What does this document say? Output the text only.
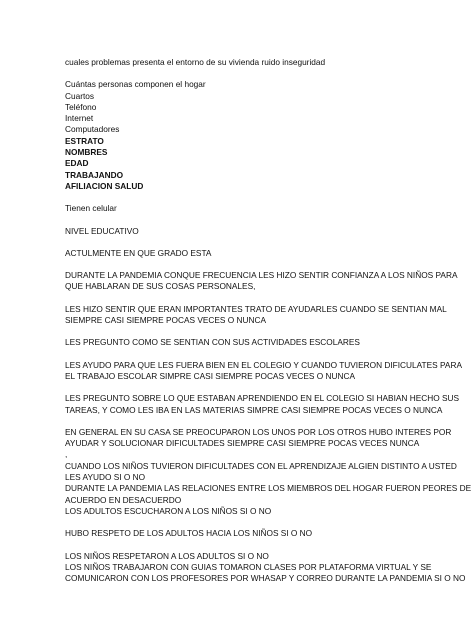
cuales problemas presenta el entorno de su vivienda ruido inseguridad
Cuántas personas componen el hogar
Cuartos
Teléfono
Internet
Computadores
ESTRATO
NOMBRES
EDAD
TRABAJANDO
AFILIACION SALUD
Tienen celular
NIVEL EDUCATIVO
ACTULMENTE EN QUE GRADO ESTA
DURANTE LA PANDEMIA CONQUE FRECUENCIA LES HIZO SENTIR CONFIANZA A LOS NIÑOS PARA
QUE HABLARAN DE SUS COSAS PERSONALES,
LES HIZO SENTIR QUE ERAN IMPORTANTES TRATO DE AYUDARLES CUANDO SE SENTIAN MAL
SIEMPRE CASI SIEMPRE POCAS VECES O NUNCA
LES PREGUNTO COMO SE SENTIAN CON SUS ACTIVIDADES ESCOLARES
LES AYUDO PARA QUE LES FUERA BIEN EN EL COLEGIO Y CUANDO TUVIERON DIFICULATES PARA
EL TRABAJO ESCOLAR SIMPRE CASI SIEMPRE POCAS VECES O NUNCA
LES PREGUNTO SOBRE LO QUE ESTABAN APRENDIENDO EN EL COLEGIO SI HABIAN HECHO SUS
TAREAS, Y COMO LES IBA EN LAS MATERIAS SIMPRE CASI SIEMPRE POCAS VECES O NUNCA
EN GENERAL EN SU CASA SE PREOCUPARON LOS UNOS POR LOS OTROS HUBO INTERES POR
AYUDAR Y SOLUCIONAR DIFICULTADES SIEMPRE CASI SIEMPRE POCAS VECES NUNCA
,
CUANDO LOS NIÑOS TUVIERON DIFICULTADES CON EL APRENDIZAJE ALGIEN DISTINTO A USTED
LES AYUDO SI O NO
DURANTE LA PANDEMIA LAS RELACIONES ENTRE LOS MIEMBROS DEL HOGAR FUERON PEORES DE
ACUERDO EN DESACUERDO
LOS ADULTOS ESCUCHARON A LOS NIÑOS SI O NO
HUBO RESPETO DE LOS ADULTOS HACIA LOS NIÑOS SI O NO
LOS NIÑOS RESPETARON A LOS ADULTOS SI O NO
LOS NIÑOS TRABAJARON CON GUIAS TOMARON CLASES POR PLATAFORMA VIRTUAL Y SE
COMUNICARON CON LOS PROFESORES POR WHASAP Y CORREO DURANTE LA PANDEMIA SI O NO
